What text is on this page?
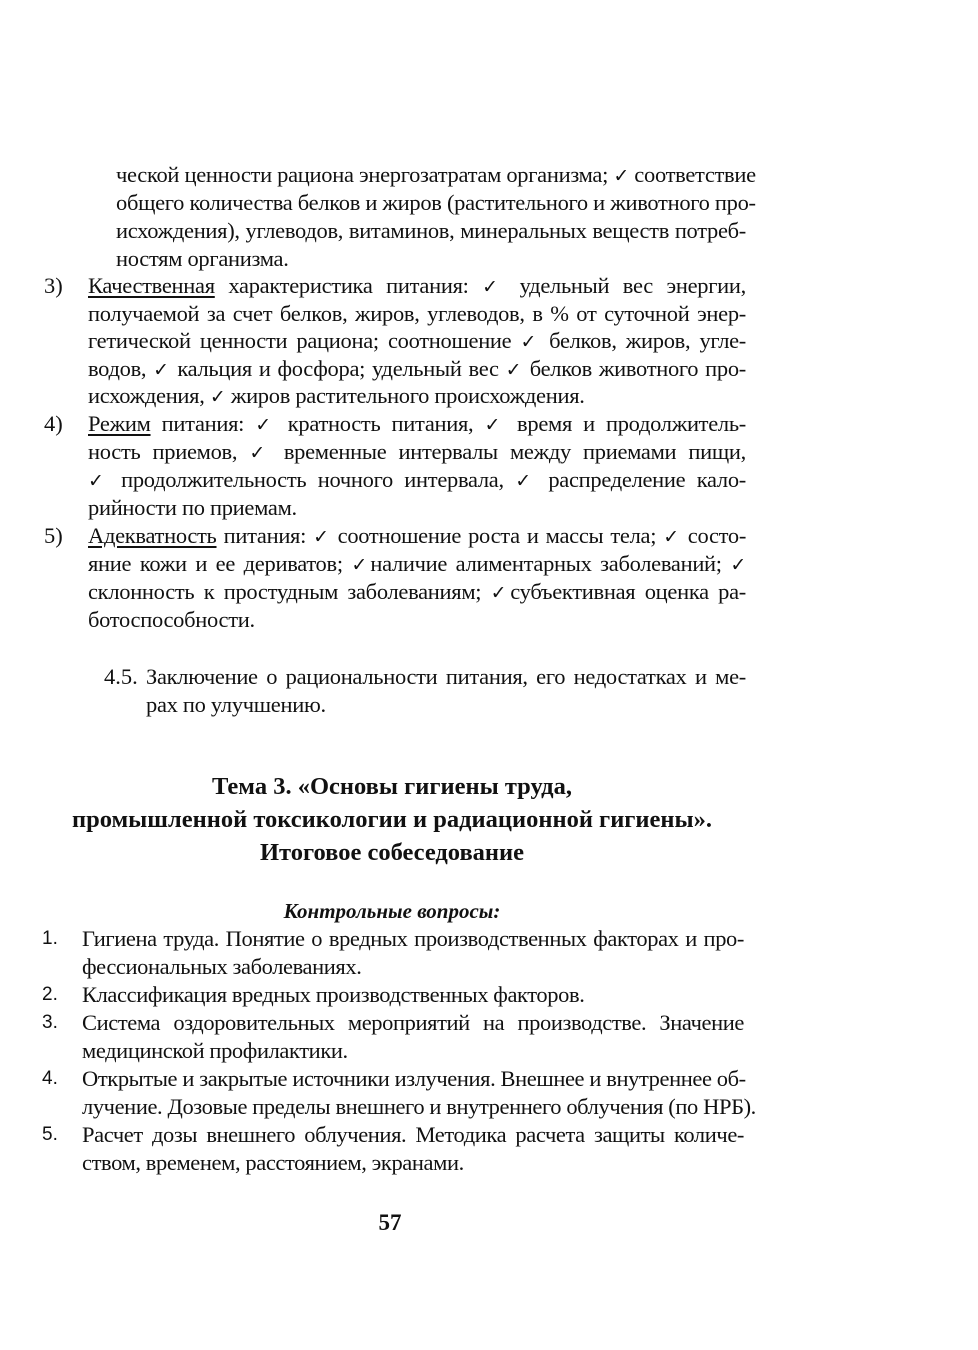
ческой ценности рациона энергозатратам организма; ✓ соответствие
общего количества белков и жиров (растительного и животного про-
исхождения), углеводов, витаминов, минеральных веществ потреб-
ностям организма.
3) Качественная характеристика питания: ✓ удельный вес энергии,
получаемой за счет белков, жиров, углеводов, в % от суточной энер-
гетической ценности рациона; соотношение ✓ белков, жиров, угле-
водов, ✓ кальция и фосфора; удельный вес ✓ белков животного про-
исхождения, ✓ жиров растительного происхождения.
4) Режим питания: ✓ кратность питания, ✓ время и продолжитель-
ность приемов, ✓ временные интервалы между приемами пищи,
✓ продолжительность ночного интервала, ✓ распределение кало-
рийности по приемам.
5) Адекватность питания: ✓ соотношение роста и массы тела; ✓ состо-
яние кожи и ее дериватов; ✓наличие алиментарных заболеваний; ✓
склонность к простудным заболеваниям; ✓субъективная оценка ра-
ботоспособности.
4.5. Заключение о рациональности питания, его недостатках и ме-
рах по улучшению.
Тема 3. «Основы гигиены труда,
промышленной токсикологии и радиационной гигиены».
Итоговое собеседование
Контрольные вопросы:
1. Гигиена труда. Понятие о вредных производственных факторах и про-
фессиональных заболеваниях.
2. Классификация вредных производственных факторов.
3. Система оздоровительных мероприятий на производстве. Значение
медицинской профилактики.
4. Открытые и закрытые источники излучения. Внешнее и внутреннее об-
лучение. Дозовые пределы внешнего и внутреннего облучения (по НРБ).
5. Расчет дозы внешнего облучения. Методика расчета защиты количе-
ством, временем, расстоянием, экранами.
57
